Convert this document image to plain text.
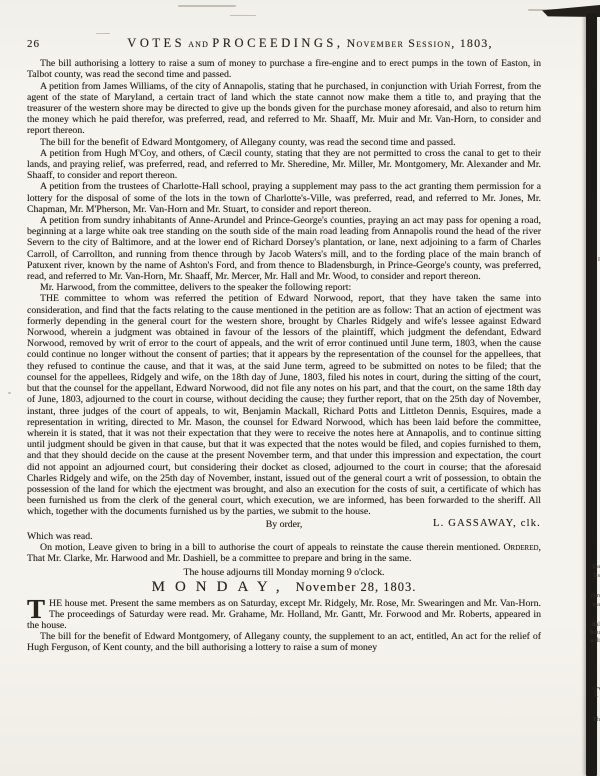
I
Ca
lis
con
wa
dal
hou
a di
T
Th
26	VOTES and PROCEEDINGS, November Session, 1803,

The bill authorising a lottery to raise a sum of money to purchase a fire-engine and to erect pumps in the town of Easton, in Talbot county, was read the second time and passed.

A petition from James Williams, of the city of Annapolis, stating that he purchased, in conjunction with Uriah Forrest, from the agent of the state of Maryland, a certain tract of land which the state cannot now make them a title to, and praying that the treasurer of the western shore may be directed to give up the bonds given for the purchase money aforesaid, and also to return him the money which he paid therefor, was preferred, read, and referred to Mr. Shaaff, Mr. Muir and Mr. Van-Horn, to consider and report thereon.

The bill for the benefit of Edward Montgomery, of Allegany county, was read the second time and passed.

A petition from Hugh M'Coy, and others, of Cæcil county, stating that they are not permitted to cross the canal to get to their lands, and praying relief, was preferred, read, and referred to Mr. Sheredine, Mr. Miller, Mr. Montgomery, Mr. Alexander and Mr. Shaaff, to consider and report thereon.

A petition from the trustees of Charlotte-Hall school, praying a supplement may pass to the act granting them permission for a lottery for the disposal of some of the lots in the town of Charlotte's-Ville, was preferred, read, and referred to Mr. Jones, Mr. Chapman, Mr. M'Pherson, Mr. Van-Horn and Mr. Stuart, to consider and report thereon.

A petition from sundry inhabitants of Anne-Arundel and Prince-George's counties, praying an act may pass for opening a road, beginning at a large white oak tree standing on the south side of the main road leading from Annapolis round the head of the river Severn to the city of Baltimore, and at the lower end of Richard Dorsey's plantation, or lane, next adjoining to a farm of Charles Carroll, of Carrollton, and running from thence through by Jacob Waters's mill, and to the fording place of the main branch of Patuxent river, known by the name of Ashton's Ford, and from thence to Bladensburgh, in Prince-George's county, was preferred, read, and referred to Mr. Van-Horn, Mr. Shaaff, Mr. Mercer, Mr. Hall and Mr. Wood, to consider and report thereon.

Mr. Harwood, from the committee, delivers to the speaker the following report:

THE committee to whom was referred the petition of Edward Norwood, report, that they have taken the same into consideration, and find that the facts relating to the cause mentioned in the petition are as follow: That an action of ejectment was formerly depending in the general court for the western shore, brought by Charles Ridgely and wife's lessee against Edward Norwood, wherein a judgment was obtained in favour of the lessors of the plaintiff, which judgment the defendant, Edward Norwood, removed by writ of error to the court of appeals, and the writ of error continued until June term, 1803, when the cause could continue no longer without the consent of parties; that it appears by the representation of the counsel for the appellees, that they refused to continue the cause, and that it was, at the said June term, agreed to be submitted on notes to be filed; that the counsel for the appellees, Ridgely and wife, on the 18th day of June, 1803, filed his notes in court, during the sitting of the court, but that the counsel for the appellant, Edward Norwood, did not file any notes on his part, and that the court, on the same 18th day of June, 1803, adjourned to the court in course, without deciding the cause; they further report, that on the 25th day of November, instant, three judges of the court of appeals, to wit, Benjamin Mackall, Richard Potts and Littleton Dennis, Esquires, made a representation in writing, directed to Mr. Mason, the counsel for Edward Norwood, which has been laid before the committee, wherein it is stated, that it was not their expectation that they were to receive the notes here at Annapolis, and to continue sitting until judgment should be given in that cause, but that it was expected that the notes would be filed, and copies furnished to them, and that they should decide on the cause at the present November term, and that under this impression and expectation, the court did not appoint an adjourned court, but considering their docket as closed, adjourned to the court in course; that the aforesaid Charles Ridgely and wife, on the 25th day of November, instant, issued out of the general court a writ of possession, to obtain the possession of the land for which the ejectment was brought, and also an execution for the costs of suit, a certificate of which has been furnished us from the clerk of the general court, which execution, we are informed, has been forwarded to the sheriff. All which, together with the documents furnished us by the parties, we submit to the house.

By order,	L. GASSAWAY, clk.

Which was read.

On motion, Leave given to bring in a bill to authorise the court of appeals to reinstate the cause therein mentioned. Ordered, That Mr. Clarke, Mr. Harwood and Mr. Dashiell, be a committee to prepare and bring in the same.

The house adjourns till Monday morning 9 o'clock.

MONDAY, November 28, 1803.

THE house met. Present the same members as on Saturday, except Mr. Ridgely, Mr. Rose, Mr. Swearingen and Mr. Van-Horn. The proceedings of Saturday were read. Mr. Grahame, Mr. Holland, Mr. Gantt, Mr. Forwood and Mr. Roberts, appeared in the house.

The bill for the benefit of Edward Montgomery, of Allegany county, the supplement to an act, entitled, An act for the relief of Hugh Ferguson, of Kent county, and the bill authorising a lottery to raise a sum of money
